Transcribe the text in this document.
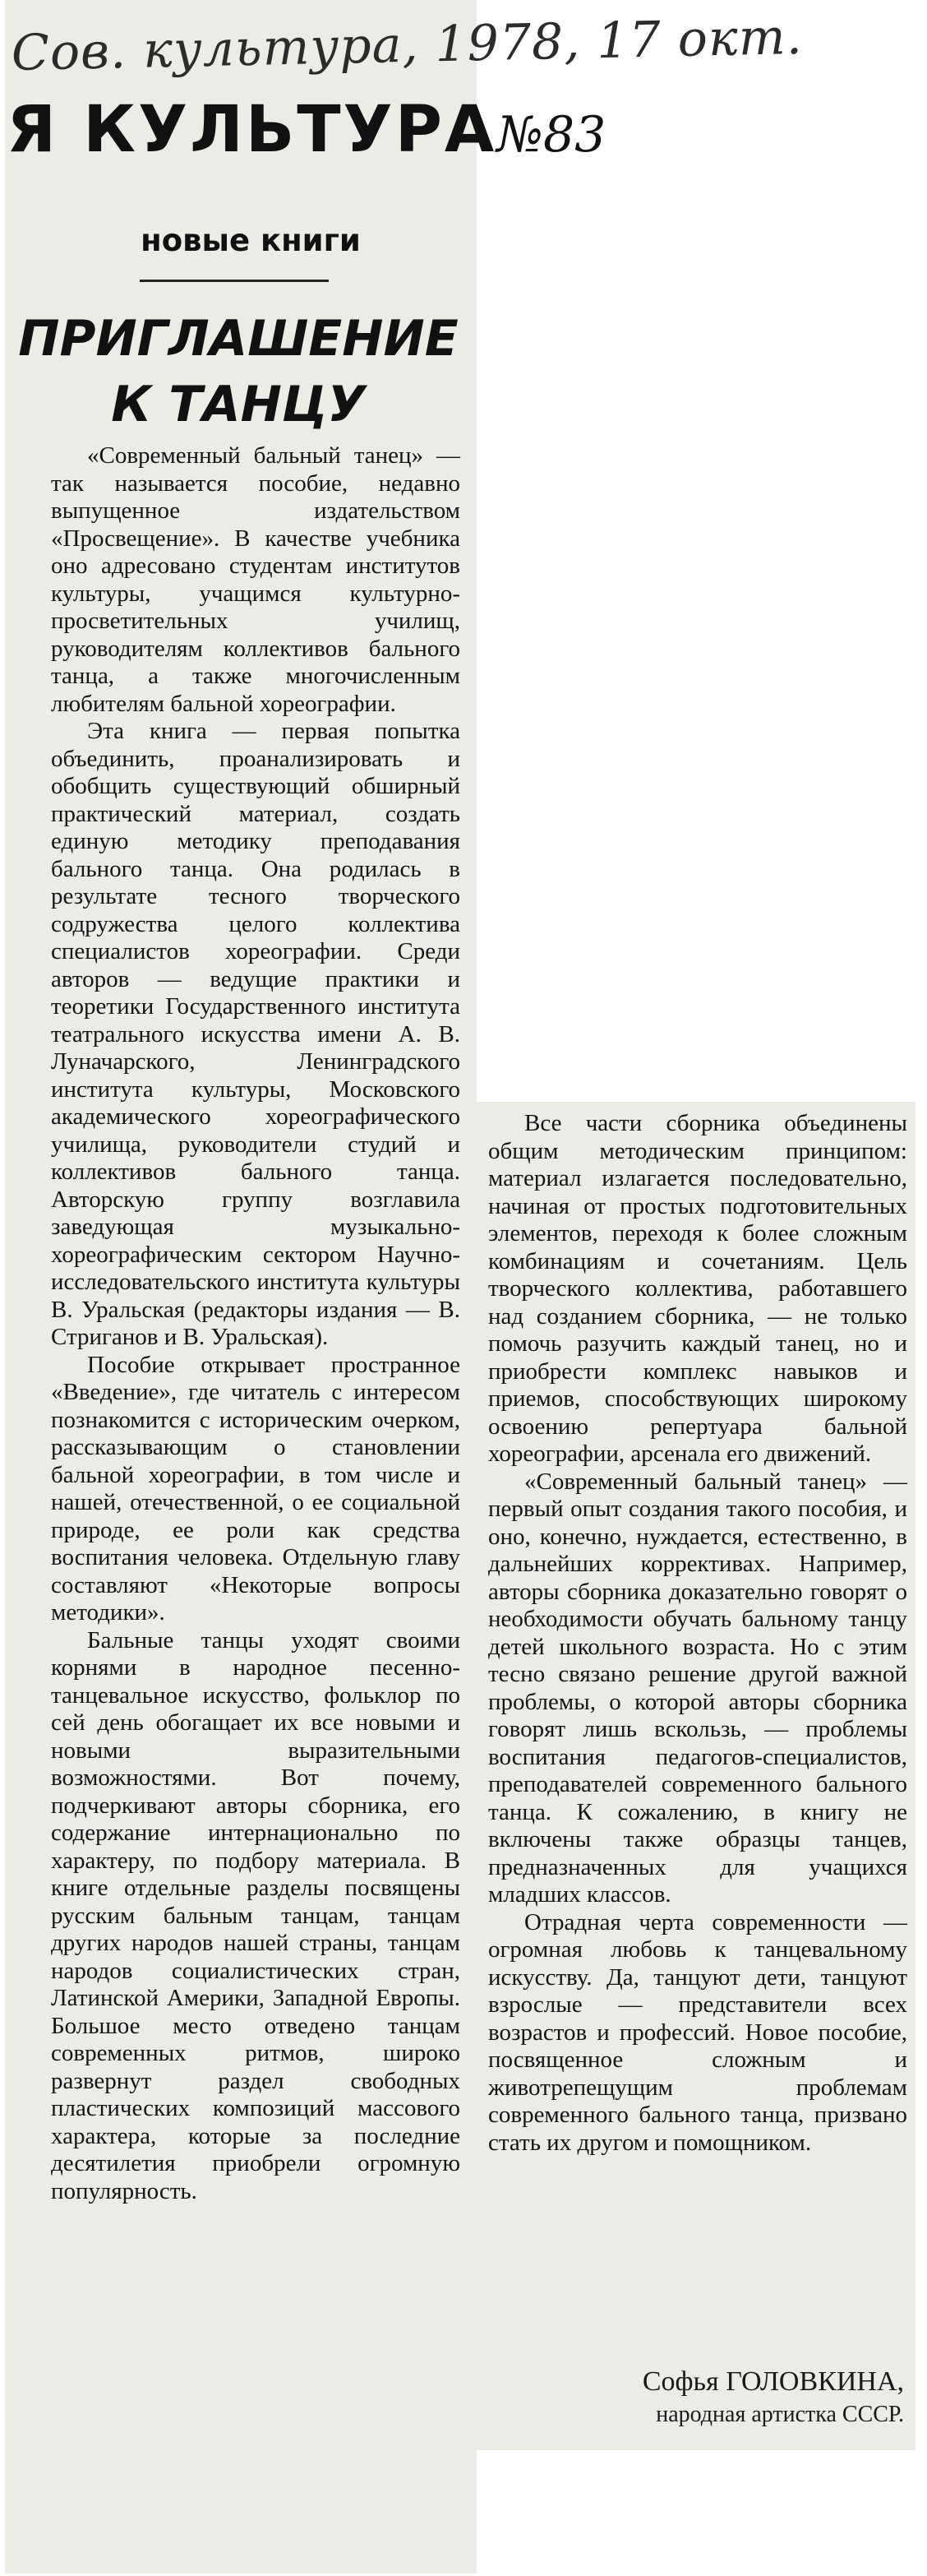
Сов. культура, 1978, 17 окт.
Я КУЛЬТУРА№83
новые книги
ПРИГЛАШЕНИЕ
К ТАНЦУ

«Современный бальный танец» — так называется пособие, недавно выпущенное издательством «Просвещение». В качестве учебника оно адресовано студентам институтов культуры, учащимся культурно-просветительных училищ, руководителям коллективов бального танца, а также многочисленным любителям бальной хореографии.

Эта книга — первая попытка объединить, проанализировать и обобщить существующий обширный практический материал, создать единую методику преподавания бального танца. Она родилась в результате тесного творческого содружества целого коллектива специалистов хореографии. Среди авторов — ведущие практики и теоретики Государственного института театрального искусства имени А. В. Луначарского, Ленинградского института культуры, Московского академического хореографического училища, руководители студий и коллективов бального танца. Авторскую группу возглавила заведующая музыкально-хореографическим сектором Научно-исследовательского института культуры В. Уральская (редакторы издания — В. Стриганов и В. Уральская).

Пособие открывает пространное «Введение», где читатель с интересом познакомится с историческим очерком, рассказывающим о становлении бальной хореографии, в том числе и нашей, отечественной, о ее социальной природе, ее роли как средства воспитания человека. Отдельную главу составляют «Некоторые вопросы методики».

Бальные танцы уходят своими корнями в народное песенно-танцевальное искусство, фольклор по сей день обогащает их все новыми и новыми выразительными возможностями. Вот почему, подчеркивают авторы сборника, его содержание интернационально по характеру, по подбору материала. В книге отдельные разделы посвящены русским бальным танцам, танцам других народов нашей страны, танцам народов социалистических стран, Латинской Америки, Западной Европы. Большое место отведено танцам современных ритмов, широко развернут раздел свободных пластических композиций массового характера, которые за последние десятилетия приобрели огромную популярность.

Все части сборника объединены общим методическим принципом: материал излагается последовательно, начиная от простых подготовительных элементов, переходя к более сложным комбинациям и сочетаниям. Цель творческого коллектива, работавшего над созданием сборника, — не только помочь разучить каждый танец, но и приобрести комплекс навыков и приемов, способствующих широкому освоению репертуара бальной хореографии, арсенала его движений.

«Современный бальный танец» — первый опыт создания такого пособия, и оно, конечно, нуждается, естественно, в дальнейших коррективах. Например, авторы сборника доказательно говорят о необходимости обучать бальному танцу детей школьного возраста. Но с этим тесно связано решение другой важной проблемы, о которой авторы сборника говорят лишь вскользь, — проблемы воспитания педагогов-специалистов, преподавателей современного бального танца. К сожалению, в книгу не включены также образцы танцев, предназначенных для учащихся младших классов.

Отрадная черта современности — огромная любовь к танцевальному искусству. Да, танцуют дети, танцуют взрослые — представители всех возрастов и профессий. Новое пособие, посвященное сложным и животрепещущим проблемам современного бального танца, призвано стать их другом и помощником.

Софья ГОЛОВКИНА,
народная артистка СССР.
